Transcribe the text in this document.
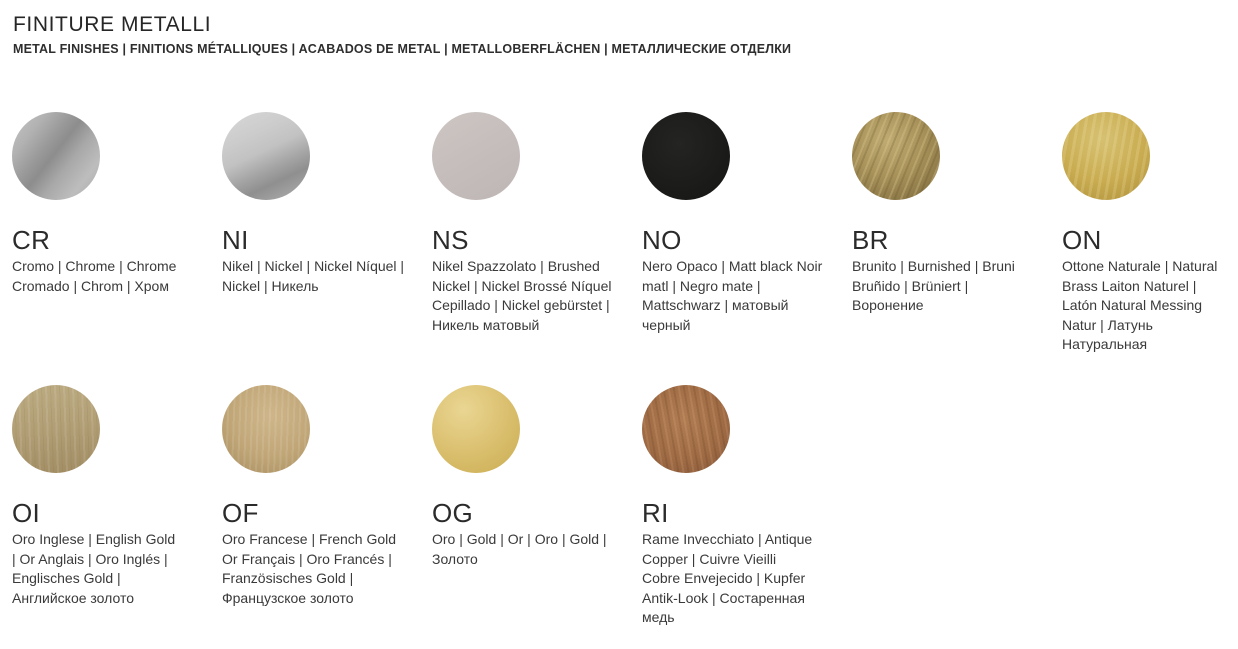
FINITURE METALLI
METAL FINISHES | FINITIONS MÉTALLIQUES | ACABADOS DE METAL | METALLOBERFLÄCHEN | МЕТАЛЛИЧЕСКИЕ ОТДЕЛКИ
CR

Cromo | Chrome | Chrome Cromado | Chrom | Хром

NI

Nikel | Nickel | Nickel Níquel | Nickel | Никель

NS

Nikel Spazzolato | Brushed Nickel | Nickel Brossé Níquel Cepillado | Nickel gebürstet | Никель матовый

NO

Nero Opaco | Matt black Noir matl | Negro mate | Mattschwarz | матовый черный

BR

Brunito | Burnished | Bruni Bruñido | Brüniert | Воронение

ON

Ottone Naturale | Natural Brass Laiton Naturel | Latón Natural Messing Natur | Латунь Натуральная

OI

Oro Inglese | English Gold | Or Anglais | Oro Inglés | Englisches Gold | Английское золото

OF

Oro Francese | French Gold Or Français | Oro Francés | Französisches Gold | Французское золото

OG

Oro | Gold | Or | Oro | Gold | Золото

RI

Rame Invecchiato | Antique Copper | Cuivre Vieilli Cobre Envejecido | Kupfer Antik-Look | Состаренная медь
